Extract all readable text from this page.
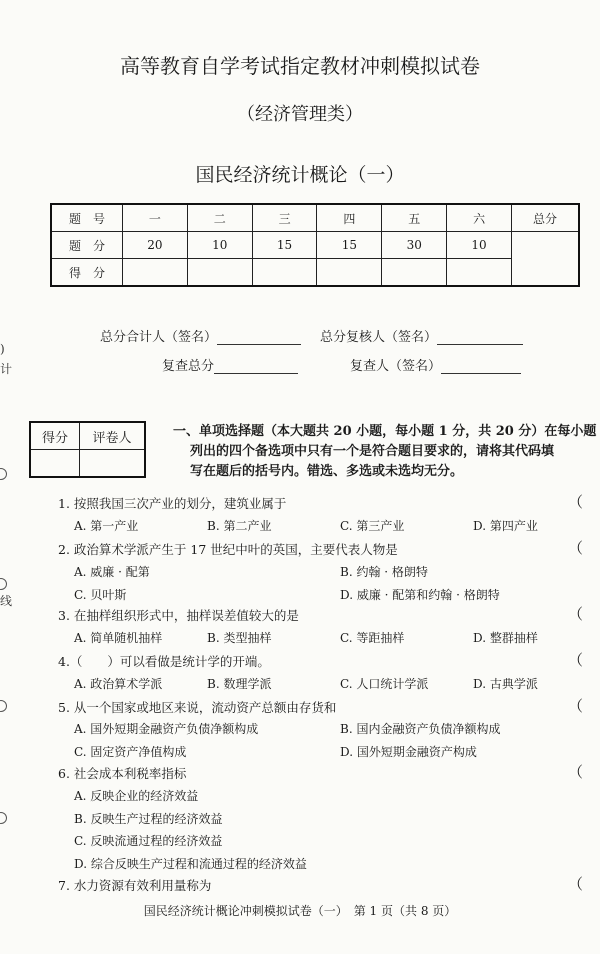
高等教育自学考试指定教材冲刺模拟试卷
（经济管理类）
国民经济统计概论（一）
题　号	一	二	三	四	五	六	总分
题　分	20	10	15	15	30	10	
得　分							
总分合计人（签名）	总分复核人（签名）
复查总分	复查人（签名）
得分	评卷人
		一、单项选择题（本大题共 20 小题，每小题 1 分，共 20 分）在每小题
列出的四个备选项中只有一个是符合题目要求的，请将其代码填
写在题后的括号内。错选、多选或未选均无分。
1. 按照我国三次产业的划分，建筑业属于	（
A. 第一产业	B. 第二产业	C. 第三产业	D. 第四产业
2. 政治算术学派产生于 17 世纪中叶的英国，主要代表人物是	（
A. 威廉 · 配第	B. 约翰 · 格朗特
C. 贝叶斯	D. 威廉 · 配第和约翰 · 格朗特
3. 在抽样组织形式中，抽样误差值较大的是	（
A. 简单随机抽样	B. 类型抽样	C. 等距抽样	D. 整群抽样
4.（　　）可以看做是统计学的开端。	（
A. 政治算术学派	B. 数理学派	C. 人口统计学派	D. 古典学派
5. 从一个国家或地区来说，流动资产总额由存货和	（
A. 国外短期金融资产负债净额构成	B. 国内金融资产负债净额构成
C. 固定资产净值构成	D. 国外短期金融资产构成
6. 社会成本利税率指标	（
A. 反映企业的经济效益
B. 反映生产过程的经济效益
C. 反映流通过程的经济效益
D. 综合反映生产过程和流通过程的经济效益
7. 水力资源有效利用量称为	（
)
计
线
国民经济统计概论冲刺模拟试卷（一）　第 1 页（共 8 页）
